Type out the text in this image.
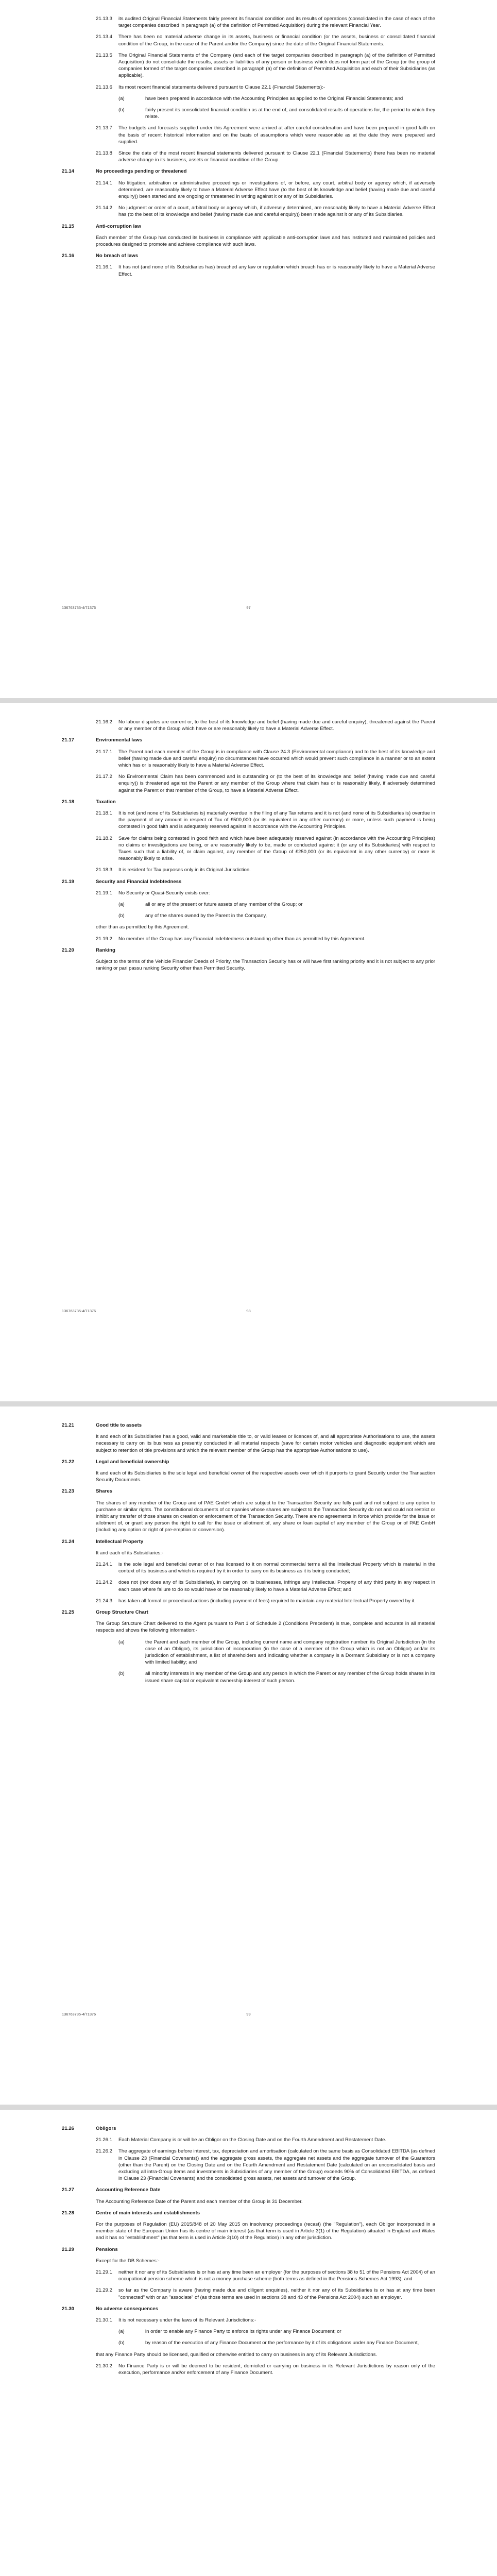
21.13.3	its audited Original Financial Statements fairly present its financial condition and its results of operations (consolidated in the case of each of the target companies described in paragraph (a) of the definition of Permitted Acquisition) during the relevant Financial Year.
21.13.4	There has been no material adverse change in its assets, business or financial condition (or the assets, business or consolidated financial condition of the Group, in the case of the Parent and/or the Company) since the date of the Original Financial Statements.
21.13.5	The Original Financial Statements of the Company (and each of the target companies described in paragraph (a) of the definition of Permitted Acquisition) do not consolidate the results, assets or liabilities of any person or business which does not form part of the Group (or the group of companies formed of the target companies described in paragraph (a) of the definition of Permitted Acquisition and each of their Subsidiaries (as applicable).
21.13.6	Its most recent financial statements delivered pursuant to Clause 22.1 (Financial Statements):-
(a)	have been prepared in accordance with the Accounting Principles as applied to the Original Financial Statements; and
(b)	fairly present its consolidated financial condition as at the end of, and consolidated results of operations for, the period to which they relate.
21.13.7	The budgets and forecasts supplied under this Agreement were arrived at after careful consideration and have been prepared in good faith on the basis of recent historical information and on the basis of assumptions which were reasonable as at the date they were prepared and supplied.
21.13.8	Since the date of the most recent financial statements delivered pursuant to Clause 22.1 (Financial Statements) there has been no material adverse change in its business, assets or financial condition of the Group.
21.14	No proceedings pending or threatened
21.14.1	No litigation, arbitration or administrative proceedings or investigations of, or before, any court, arbitral body or agency which, if adversely determined, are reasonably likely to have a Material Adverse Effect have (to the best of its knowledge and belief (having made due and careful enquiry)) been started and are ongoing or threatened in writing against it or any of its Subsidiaries.
21.14.2	No judgment or order of a court, arbitral body or agency which, if adversely determined, are reasonably likely to have a Material Adverse Effect has (to the best of its knowledge and belief (having made due and careful enquiry)) been made against it or any of its Subsidiaries.
21.15	Anti-corruption law

Each member of the Group has conducted its business in compliance with applicable anti-corruption laws and has instituted and maintained policies and procedures designed to promote and achieve compliance with such laws.

21.16	No breach of laws
21.16.1	It has not (and none of its Subsidiaries has) breached any law or regulation which breach has or is reasonably likely to have a Material Adverse Effect.
136763735-4/71376	97
21.16.2	No labour disputes are current or, to the best of its knowledge and belief (having made due and careful enquiry), threatened against the Parent or any member of the Group which have or are reasonably likely to have a Material Adverse Effect.
21.17	Environmental laws
21.17.1	The Parent and each member of the Group is in compliance with Clause 24.3 (Environmental compliance) and to the best of its knowledge and belief (having made due and careful enquiry) no circumstances have occurred which would prevent such compliance in a manner or to an extent which has or is reasonably likely to have a Material Adverse Effect.
21.17.2	No Environmental Claim has been commenced and is outstanding or (to the best of its knowledge and belief (having made due and careful enquiry)) is threatened against the Parent or any member of the Group where that claim has or is reasonably likely, if adversely determined against the Parent or that member of the Group, to have a Material Adverse Effect.
21.18	Taxation
21.18.1	It is not (and none of its Subsidiaries is) materially overdue in the filing of any Tax returns and it is not (and none of its Subsidiaries is) overdue in the payment of any amount in respect of Tax of £500,000 (or its equivalent in any other currency) or more, unless such payment is being contested in good faith and is adequately reserved against in accordance with the Accounting Principles.
21.18.2	Save for claims being contested in good faith and which have been adequately reserved against (in accordance with the Accounting Principles) no claims or investigations are being, or are reasonably likely to be, made or conducted against it (or any of its Subsidiaries) with respect to Taxes such that a liability of, or claim against, any member of the Group of £250,000 (or its equivalent in any other currency) or more is reasonably likely to arise.
21.18.3	It is resident for Tax purposes only in its Original Jurisdiction.
21.19	Security and Financial Indebtedness
21.19.1	No Security or Quasi-Security exists over:
(a)	all or any of the present or future assets of any member of the Group; or
(b)	any of the shares owned by the Parent in the Company,

other than as permitted by this Agreement.

21.19.2	No member of the Group has any Financial Indebtedness outstanding other than as permitted by this Agreement.
21.20	Ranking

Subject to the terms of the Vehicle Financier Deeds of Priority, the Transaction Security has or will have first ranking priority and it is not subject to any prior ranking or pari passu ranking Security other than Permitted Security.

136763735-4/71376	98
21.21	Good title to assets

It and each of its Subsidiaries has a good, valid and marketable title to, or valid leases or licences of, and all appropriate Authorisations to use, the assets necessary to carry on its business as presently conducted in all material respects (save for certain motor vehicles and diagnostic equipment which are subject to retention of title provisions and which the relevant member of the Group has the appropriate Authorisations to use).

21.22	Legal and beneficial ownership

It and each of its Subsidiaries is the sole legal and beneficial owner of the respective assets over which it purports to grant Security under the Transaction Security Documents.

21.23	Shares

The shares of any member of the Group and of PAE GmbH which are subject to the Transaction Security are fully paid and not subject to any option to purchase or similar rights. The constitutional documents of companies whose shares are subject to the Transaction Security do not and could not restrict or inhibit any transfer of those shares on creation or enforcement of the Transaction Security. There are no agreements in force which provide for the issue or allotment of, or grant any person the right to call for the issue or allotment of, any share or loan capital of any member of the Group or of PAE GmbH (including any option or right of pre-emption or conversion).

21.24	Intellectual Property

It and each of its Subsidiaries:-

21.24.1	is the sole legal and beneficial owner of or has licensed to it on normal commercial terms all the Intellectual Property which is material in the context of its business and which is required by it in order to carry on its business as it is being conducted;
21.24.2	does not (nor does any of its Subsidiaries), in carrying on its businesses, infringe any Intellectual Property of any third party in any respect in each case where failure to do so would have or be reasonably likely to have a Material Adverse Effect; and
21.24.3	has taken all formal or procedural actions (including payment of fees) required to maintain any material Intellectual Property owned by it.
21.25	Group Structure Chart

The Group Structure Chart delivered to the Agent pursuant to Part 1 of Schedule 2 (Conditions Precedent) is true, complete and accurate in all material respects and shows the following information:-

(a)	the Parent and each member of the Group, including current name and company registration number, its Original Jurisdiction (in the case of an Obligor), its jurisdiction of incorporation (in the case of a member of the Group which is not an Obligor) and/or its jurisdiction of establishment, a list of shareholders and indicating whether a company is a Dormant Subsidiary or is not a company with limited liability; and
(b)	all minority interests in any member of the Group and any person in which the Parent or any member of the Group holds shares in its issued share capital or equivalent ownership interest of such person.
136763735-4/71376	99
21.26	Obligors
21.26.1	Each Material Company is or will be an Obligor on the Closing Date and on the Fourth Amendment and Restatement Date.
21.26.2	The aggregate of earnings before interest, tax, depreciation and amortisation (calculated on the same basis as Consolidated EBITDA (as defined in Clause 23 (Financial Covenants)) and the aggregate gross assets, the aggregate net assets and the aggregate turnover of the Guarantors (other than the Parent) on the Closing Date and on the Fourth Amendment and Restatement Date (calculated on an unconsolidated basis and excluding all intra-Group items and investments in Subsidiaries of any member of the Group) exceeds 90% of Consolidated EBITDA, as defined in Clause 23 (Financial Covenants) and the consolidated gross assets, net assets and turnover of the Group.
21.27	Accounting Reference Date

The Accounting Reference Date of the Parent and each member of the Group is 31 December.

21.28	Centre of main interests and establishments

For the purposes of Regulation (EU) 2015/848 of 20 May 2015 on insolvency proceedings (recast) (the "Regulation"), each Obligor incorporated in a member state of the European Union has its centre of main interest (as that term is used in Article 3(1) of the Regulation) situated in England and Wales and it has no "establishment" (as that term is used in Article 2(10) of the Regulation) in any other jurisdiction.

21.29	Pensions

Except for the DB Schemes:-

21.29.1	neither it nor any of its Subsidiaries is or has at any time been an employer (for the purposes of sections 38 to 51 of the Pensions Act 2004) of an occupational pension scheme which is not a money purchase scheme (both terms as defined in the Pensions Schemes Act 1993); and
21.29.2	so far as the Company is aware (having made due and diligent enquiries), neither it nor any of its Subsidiaries is or has at any time been "connected" with or an "associate" of (as those terms are used in sections 38 and 43 of the Pensions Act 2004) such an employer.
21.30	No adverse consequences
21.30.1	It is not necessary under the laws of its Relevant Jurisdictions:-
(a)	in order to enable any Finance Party to enforce its rights under any Finance Document; or
(b)	by reason of the execution of any Finance Document or the performance by it of its obligations under any Finance Document,

that any Finance Party should be licensed, qualified or otherwise entitled to carry on business in any of its Relevant Jurisdictions.

21.30.2	No Finance Party is or will be deemed to be resident, domiciled or carrying on business in its Relevant Jurisdictions by reason only of the execution, performance and/or enforcement of any Finance Document.
